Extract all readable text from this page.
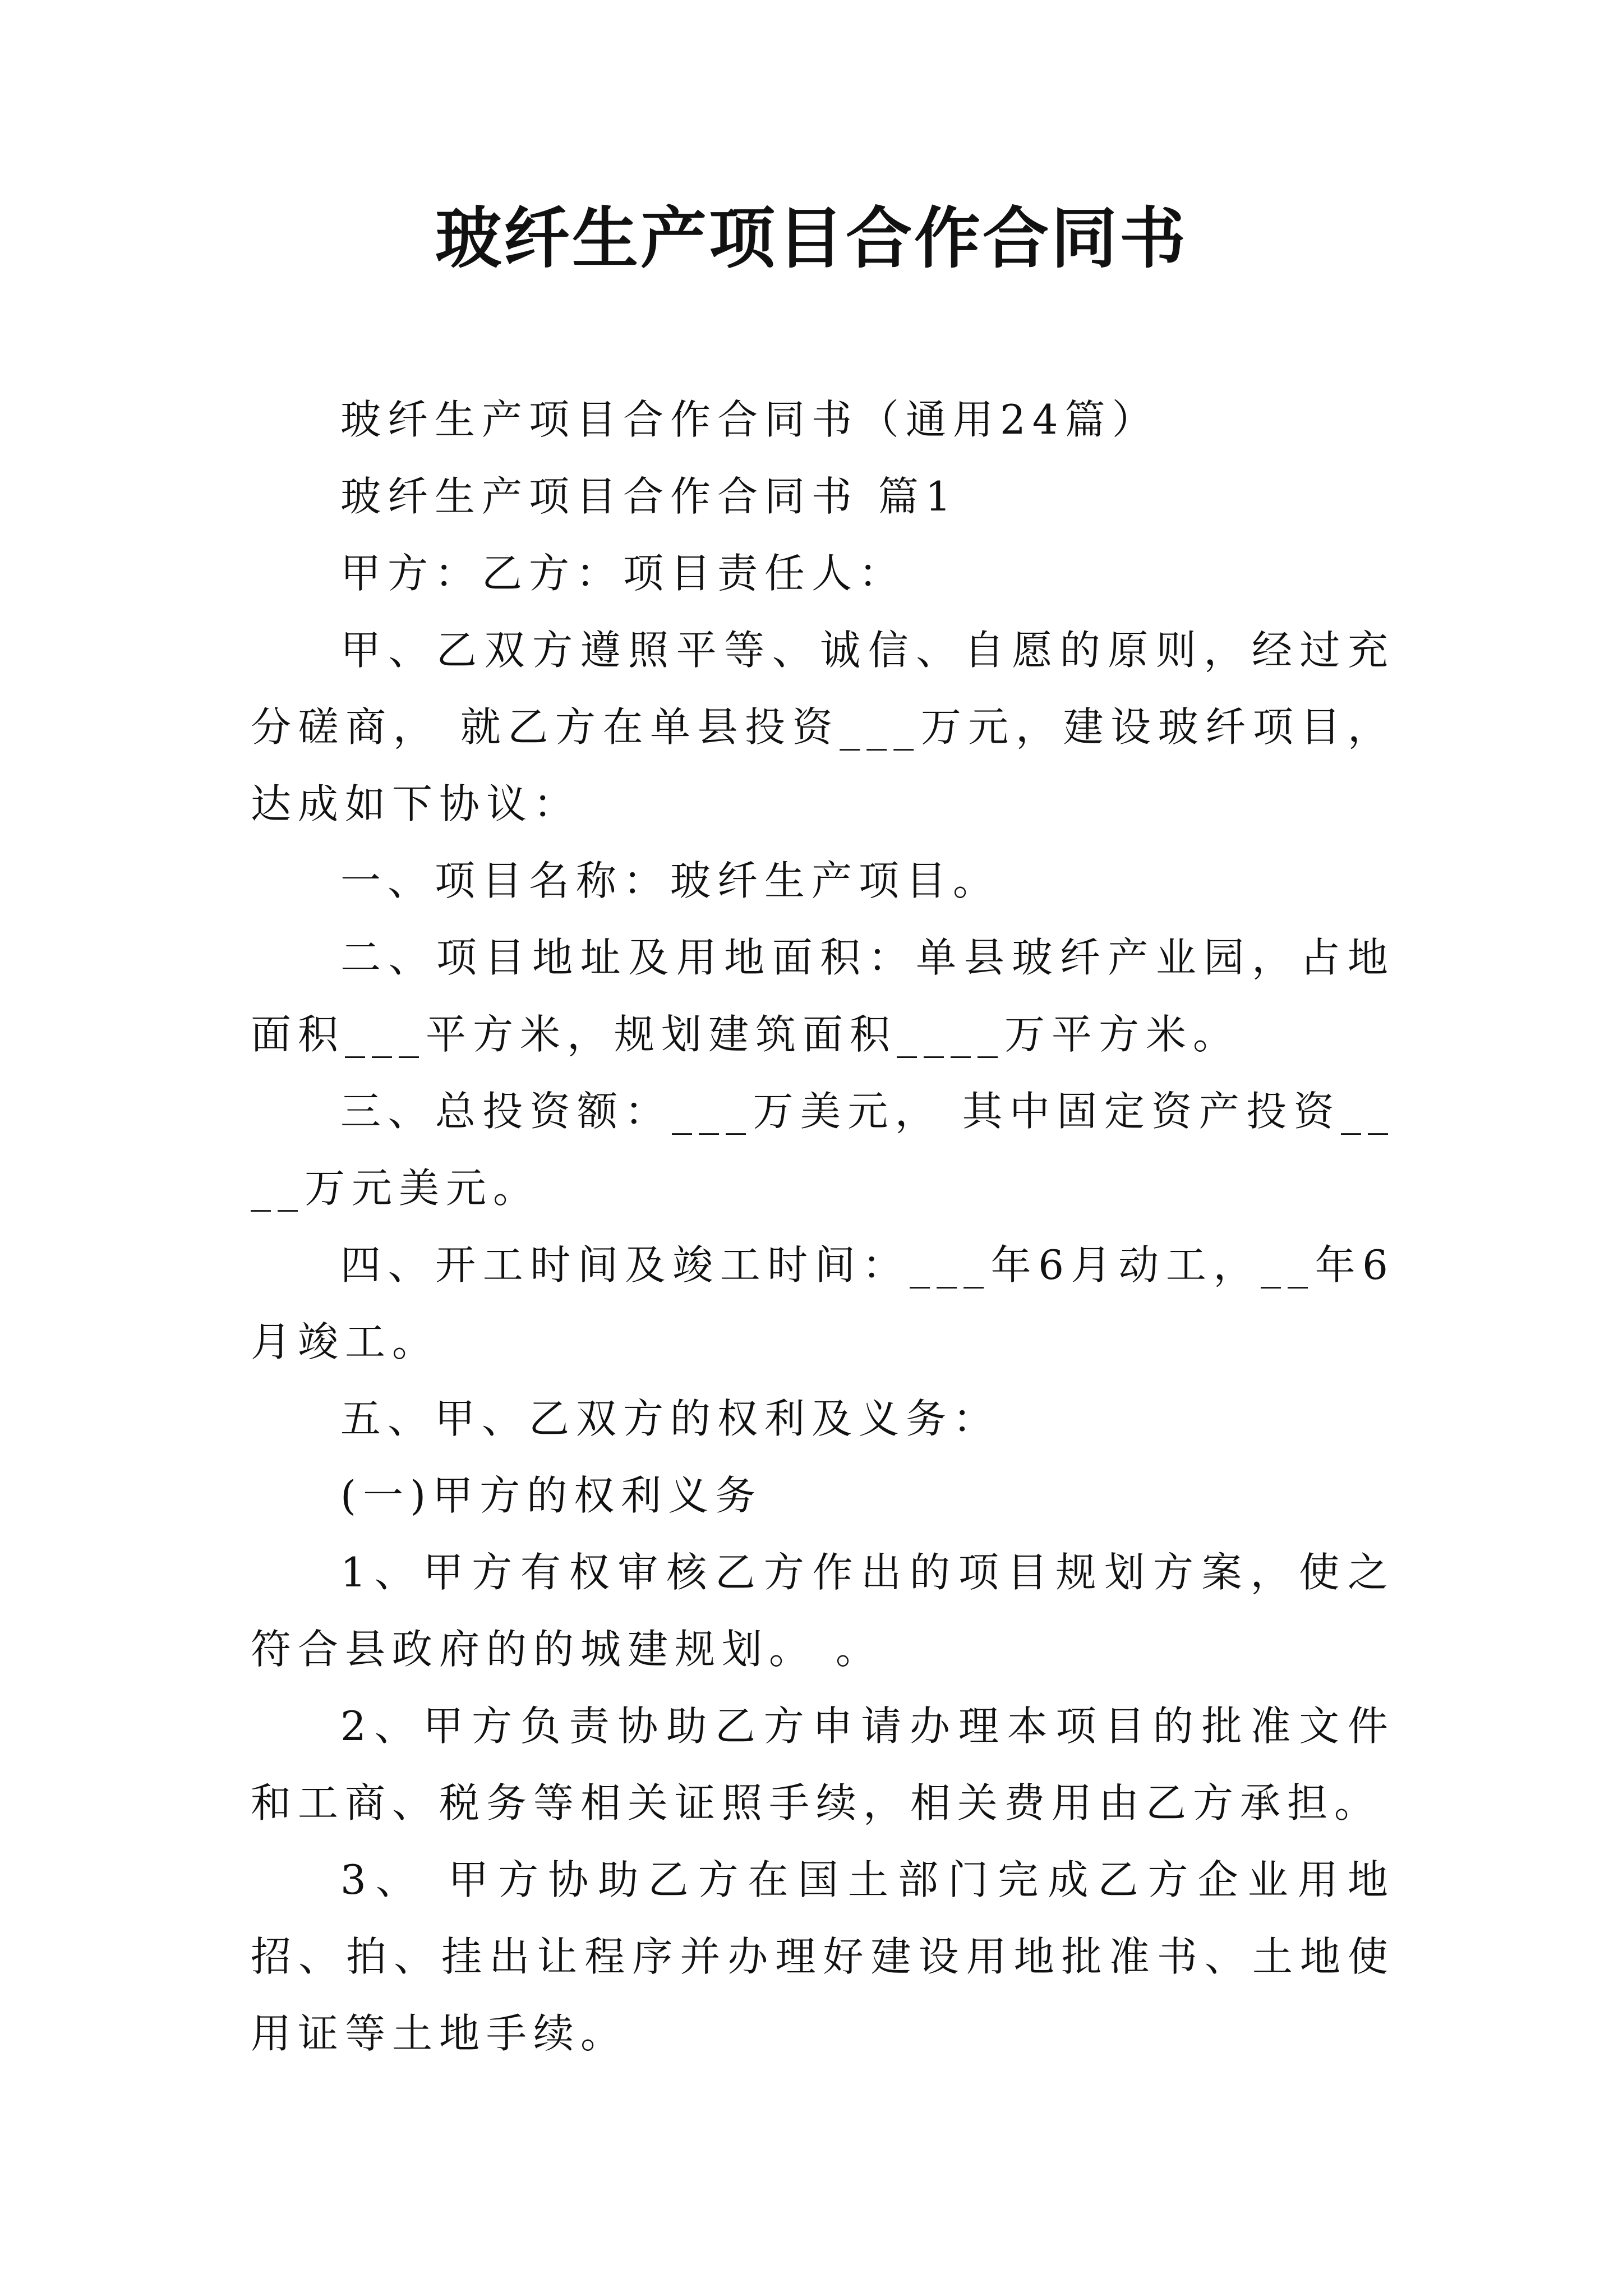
玻纤生产项目合作合同书

玻纤生产项目合作合同书（通用24篇）

玻纤生产项目合作合同书 篇1

甲方：乙方：项目责任人：

甲、乙双方遵照平等、诚信、自愿的原则，经过充分磋商， 就乙方在单县投资___万元，建设玻纤项目，达成如下协议：

一、项目名称：玻纤生产项目。

二、项目地址及用地面积：单县玻纤产业园，占地面积___平方米，规划建筑面积____万平方米。

三、总投资额：___万美元， 其中固定资产投资____万元美元。

四、开工时间及竣工时间：___年6月动工，__年6月竣工。

五、甲、乙双方的权利及义务：

(一)甲方的权利义务

1、甲方有权审核乙方作出的项目规划方案，使之符合县政府的的城建规划。 。

2、甲方负责协助乙方申请办理本项目的批准文件和工商、税务等相关证照手续，相关费用由乙方承担。

3、 甲方协助乙方在国土部门完成乙方企业用地招、拍、挂出让程序并办理好建设用地批准书、土地使用证等土地手续。
